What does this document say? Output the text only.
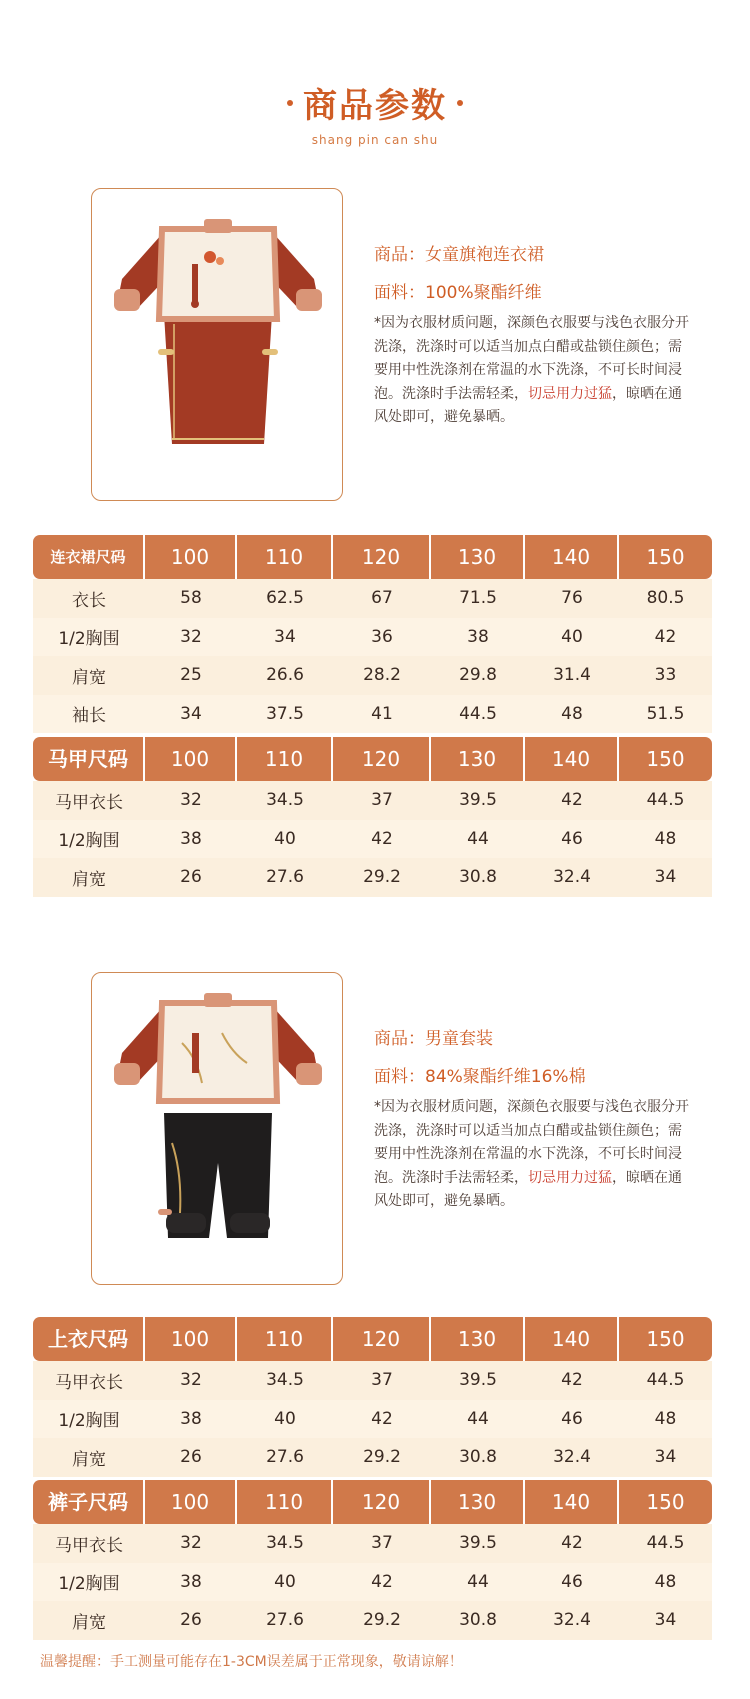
商品参数
shang pin can shu
商品：女童旗袍连衣裙
面料：100%聚酯纤维
*因为衣服材质问题，深颜色衣服要与浅色衣服分开洗涤，洗涤时可以适当加点白醋或盐锁住颜色；需要用中性洗涤剂在常温的水下洗涤，不可长时间浸泡。洗涤时手法需轻柔，切忌用力过猛，晾晒在通风处即可，避免暴晒。
连衣裙尺码	100	110	120	130	140	150
衣长	58	62.5	67	71.5	76	80.5
1/2胸围	32	34	36	38	40	42
肩宽	25	26.6	28.2	29.8	31.4	33
袖长	34	37.5	41	44.5	48	51.5
马甲尺码	100	110	120	130	140	150
马甲衣长	32	34.5	37	39.5	42	44.5
1/2胸围	38	40	42	44	46	48
肩宽	26	27.6	29.2	30.8	32.4	34
商品：男童套装
面料：84%聚酯纤维16%棉
*因为衣服材质问题，深颜色衣服要与浅色衣服分开洗涤，洗涤时可以适当加点白醋或盐锁住颜色；需要用中性洗涤剂在常温的水下洗涤，不可长时间浸泡。洗涤时手法需轻柔，切忌用力过猛，晾晒在通风处即可，避免暴晒。
上衣尺码	100	110	120	130	140	150
马甲衣长	32	34.5	37	39.5	42	44.5
1/2胸围	38	40	42	44	46	48
肩宽	26	27.6	29.2	30.8	32.4	34
裤子尺码	100	110	120	130	140	150
马甲衣长	32	34.5	37	39.5	42	44.5
1/2胸围	38	40	42	44	46	48
肩宽	26	27.6	29.2	30.8	32.4	34
温馨提醒：手工测量可能存在1-3CM误差属于正常现象，敬请谅解！
